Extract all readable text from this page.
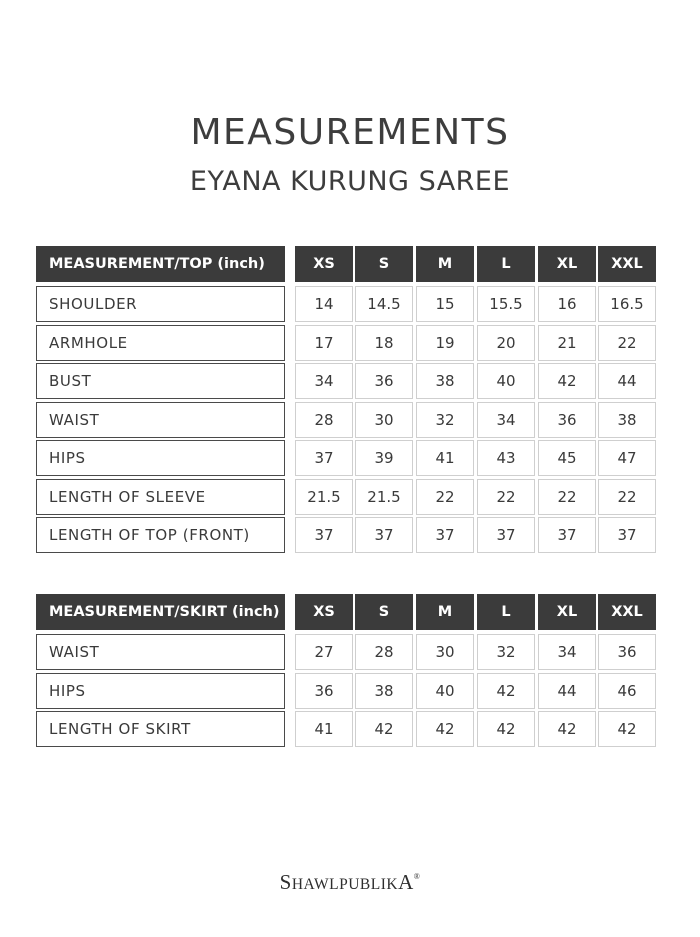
MEASUREMENTS
EYANA KURUNG SAREE
MEASUREMENT/TOP (inch)	XS	S	M	L	XL	XXL
SHOULDER	14	14.5	15	15.5	16	16.5
ARMHOLE	17	18	19	20	21	22
BUST	34	36	38	40	42	44
WAIST	28	30	32	34	36	38
HIPS	37	39	41	43	45	47
LENGTH OF SLEEVE	21.5	21.5	22	22	22	22
LENGTH OF TOP (FRONT)	37	37	37	37	37	37
MEASUREMENT/SKIRT (inch)	XS	S	M	L	XL	XXL
WAIST	27	28	30	32	34	36
HIPS	36	38	40	42	44	46
LENGTH OF SKIRT	41	42	42	42	42	42
SHAWLPUBLIKA®
